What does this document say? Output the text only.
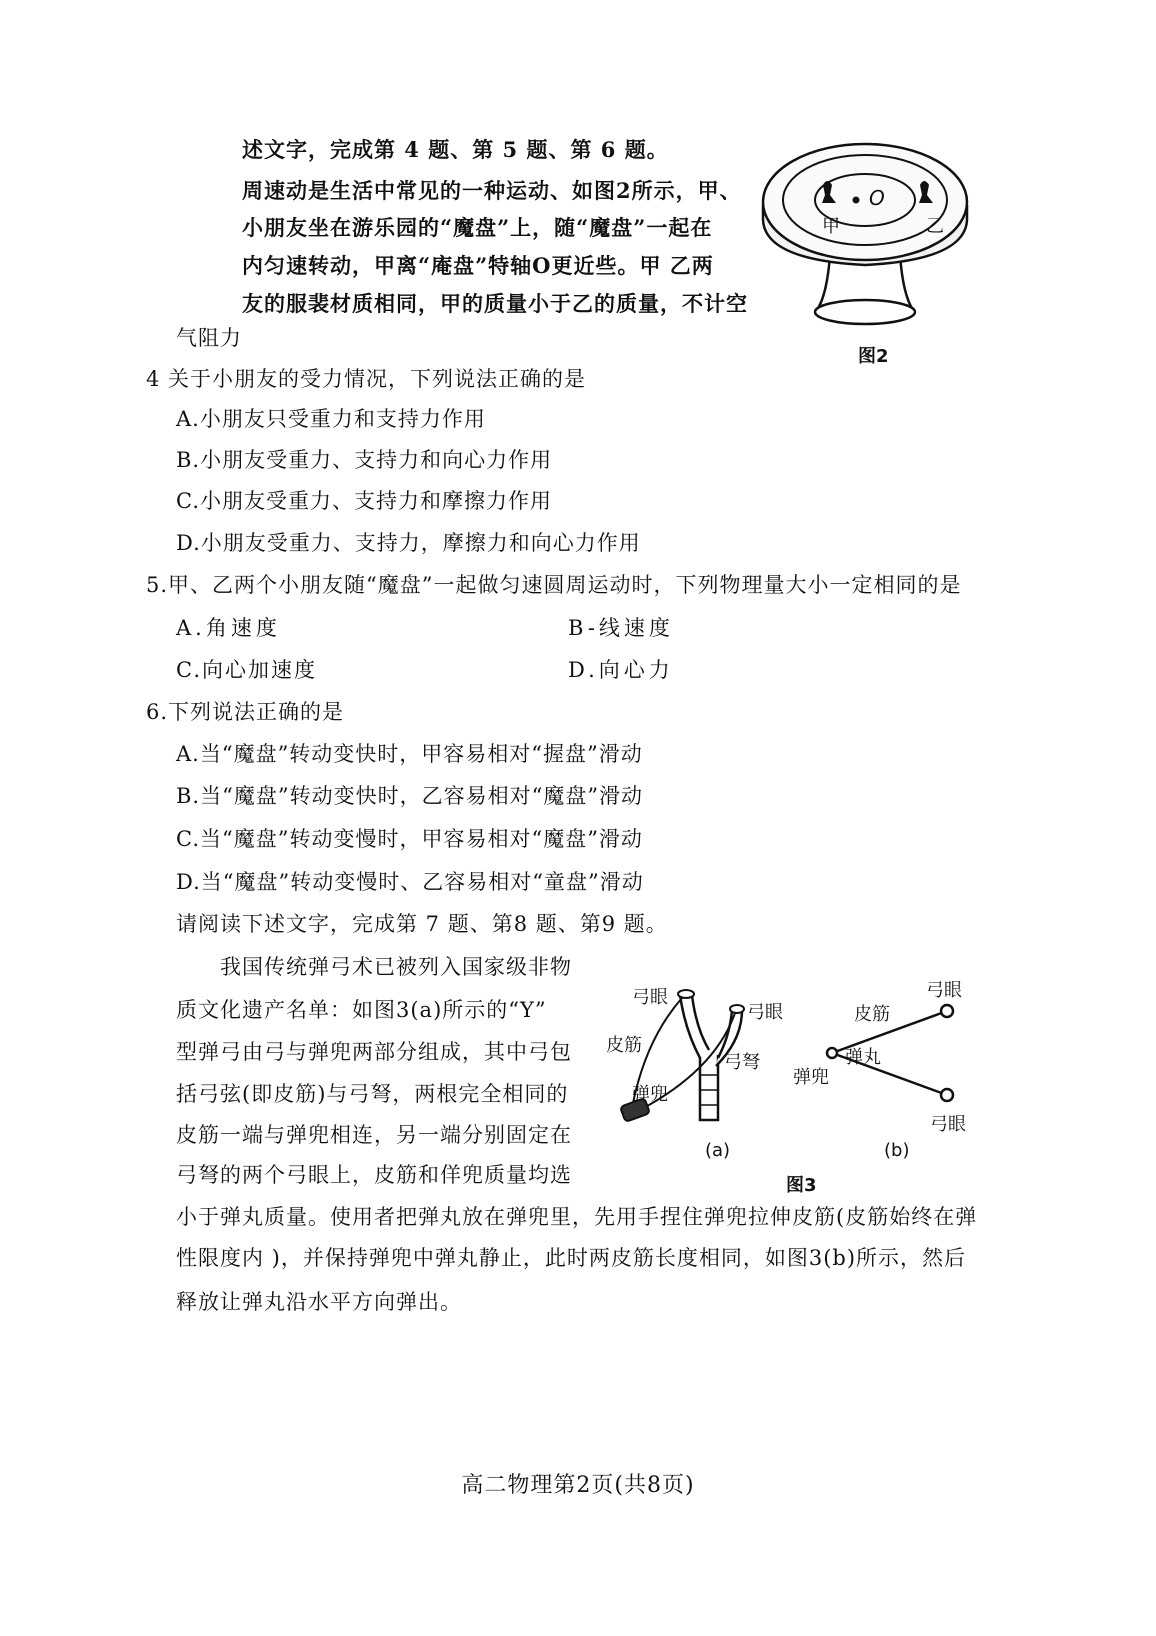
述文字，完成第 4 题、第 5 题、第 6 题。
周速动是生活中常见的一种运动、如图2所示，甲、
小朋友坐在游乐园的“魔盘”上，随“魔盘”一起在
内匀速转动，甲离“庵盘”特轴O更近些。甲 乙两
友的服裴材质相同，甲的质量小于乙的质量，不计空
气阻力
O
甲	乙
图2
4 关于小朋友的受力情况，下列说法正确的是
A.小朋友只受重力和支持力作用
B.小朋友受重力、支持力和向心力作用
C.小朋友受重力、支持力和摩擦力作用
D.小朋友受重力、支持力，摩擦力和向心力作用
5.甲、乙两个小朋友随“魔盘”一起做匀速圆周运动时，下列物理量大小一定相同的是
A.角速度	B-线速度
C.向心加速度	D.向心力
6.下列说法正确的是
A.当“魔盘”转动变快时，甲容易相对“握盘”滑动
B.当“魔盘”转动变快时，乙容易相对“魔盘”滑动
C.当“魔盘”转动变慢时，甲容易相对“魔盘”滑动
D.当“魔盘”转动变慢时、乙容易相对“童盘”滑动
请阅读下述文字，完成第 7 题、第8 题、第9 题。
我国传统弹弓术已被列入国家级非物
质文化遗产名单：如图3(a)所示的“Y”
型弹弓由弓与弹兜两部分组成，其中弓包
括弓弦(即皮筋)与弓弩，两根完全相同的
皮筋一端与弹兜相连，另一端分别固定在
弓弩的两个弓眼上，皮筋和佯兜质量均选
小于弹丸质量。使用者把弹丸放在弹兜里，先用手捏住弹兜拉伸皮筋(皮筋始终在弹
性限度内 )，并保持弹兜中弹丸静止，此时两皮筋长度相同，如图3(b)所示，然后
释放让弹丸沿水平方向弹出。
弓眼
弓眼
皮筋
弓弩
弹兜
(a)
弓眼
皮筋
弹丸
弹兜
弓眼
(b)
图3
高二物理第2页(共8页)
